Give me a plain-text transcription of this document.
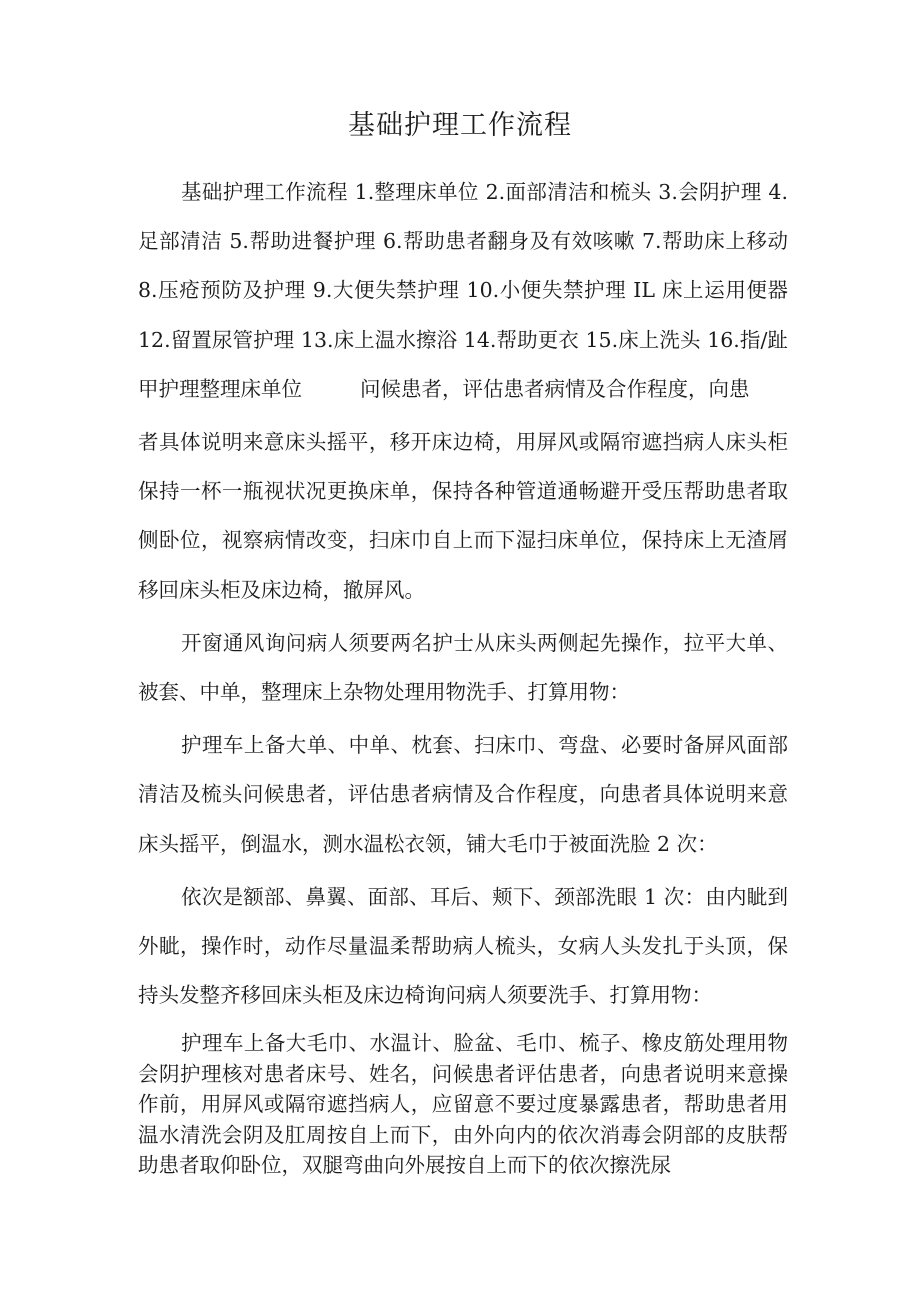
基础护理工作流程

基础护理工作流程 1.整理床单位 2.面部清洁和梳头 3.会阴护理 4.足部清洁 5.帮助进餐护理 6.帮助患者翻身及有效咳嗽 7.帮助床上移动 8.压疮预防及护理 9.大便失禁护理 10.小便失禁护理 IL 床上运用便器 12.留置尿管护理 13.床上温水擦浴 14.帮助更衣 15.床上洗头 16.指/趾甲护理整理床单位	问候患者，评估患者病情及合作程度，向患

者具体说明来意床头摇平，移开床边椅，用屏风或隔帘遮挡病人床头柜保持一杯一瓶视状况更换床单，保持各种管道通畅避开受压帮助患者取侧卧位，视察病情改变，扫床巾自上而下湿扫床单位，保持床上无渣屑移回床头柜及床边椅，撤屏风。

开窗通风询问病人须要两名护士从床头两侧起先操作，拉平大单、被套、中单，整理床上杂物处理用物洗手、打算用物：

护理车上备大单、中单、枕套、扫床巾、弯盘、必要时备屏风面部清洁及梳头问候患者，评估患者病情及合作程度，向患者具体说明来意床头摇平，倒温水，测水温松衣领，铺大毛巾于被面洗脸 2 次：

依次是额部、鼻翼、面部、耳后、颊下、颈部洗眼 1 次：由内眦到外眦，操作时，动作尽量温柔帮助病人梳头，女病人头发扎于头顶，保持头发整齐移回床头柜及床边椅询问病人须要洗手、打算用物：

护理车上备大毛巾、水温计、脸盆、毛巾、梳子、橡皮筋处理用物会阴护理核对患者床号、姓名，问候患者评估患者，向患者说明来意操作前，用屏风或隔帘遮挡病人，应留意不要过度暴露患者，帮助患者用温水清洗会阴及肛周按自上而下，由外向内的依次消毒会阴部的皮肤帮助患者取仰卧位，双腿弯曲向外展按自上而下的依次擦洗尿
